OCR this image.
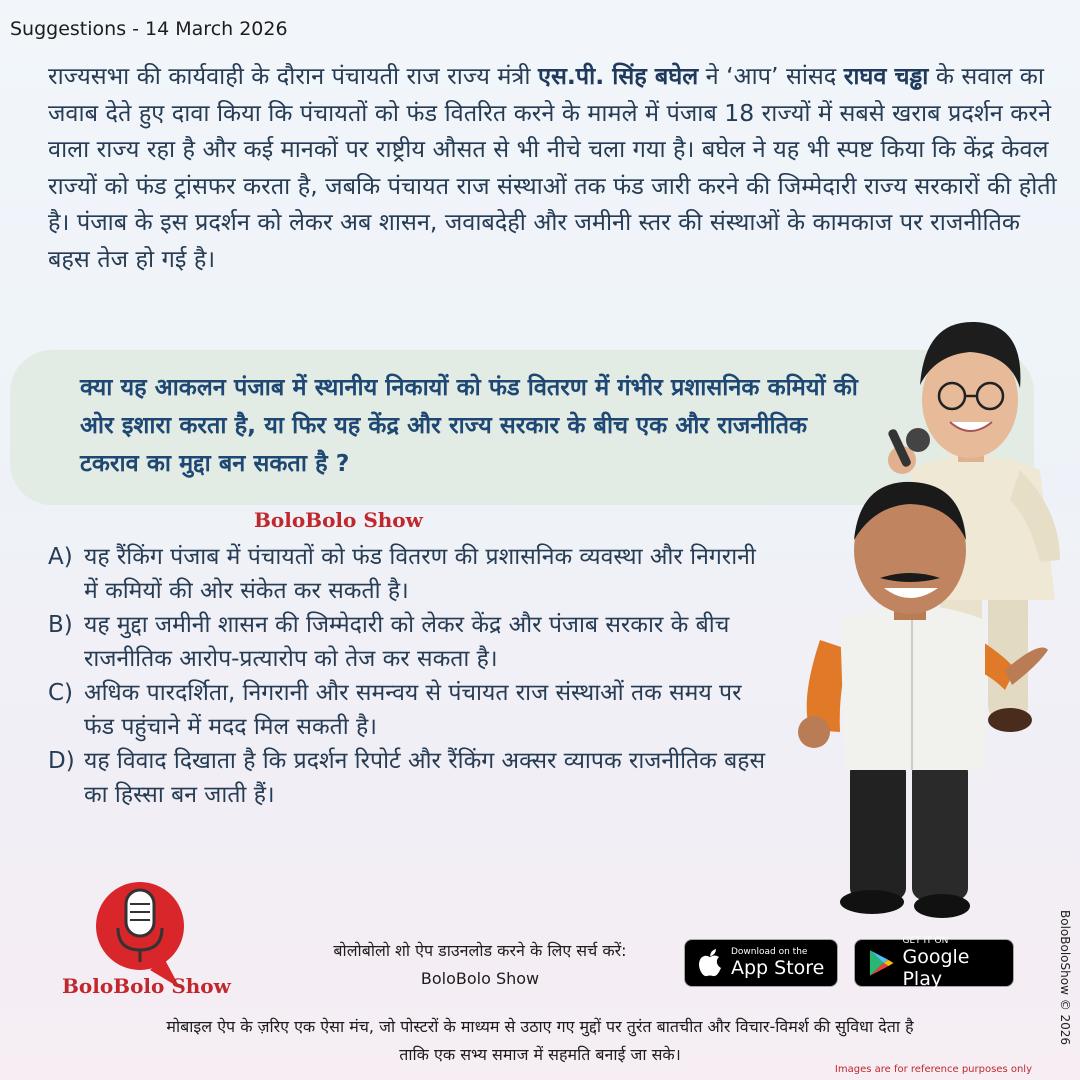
Suggestions - 14 March 2026
राज्यसभा की कार्यवाही के दौरान पंचायती राज राज्य मंत्री एस.पी. सिंह बघेल ने ‘आप’ सांसद राघव चड्ढा के सवाल का जवाब देते हुए दावा किया कि पंचायतों को फंड वितरित करने के मामले में पंजाब 18 राज्यों में सबसे खराब प्रदर्शन करने वाला राज्य रहा है और कई मानकों पर राष्ट्रीय औसत से भी नीचे चला गया है। बघेल ने यह भी स्पष्ट किया कि केंद्र केवल राज्यों को फंड ट्रांसफर करता है, जबकि पंचायत राज संस्थाओं तक फंड जारी करने की जिम्मेदारी राज्य सरकारों की होती है। पंजाब के इस प्रदर्शन को लेकर अब शासन, जवाबदेही और जमीनी स्तर की संस्थाओं के कामकाज पर राजनीतिक बहस तेज हो गई है।
क्या यह आकलन पंजाब में स्थानीय निकायों को फंड वितरण में गंभीर प्रशासनिक कमियों की ओर इशारा करता है, या फिर यह केंद्र और राज्य सरकार के बीच एक और राजनीतिक टकराव का मुद्दा बन सकता है ?
BoloBolo Show
A) यह रैंकिंग पंजाब में पंचायतों को फंड वितरण की प्रशासनिक व्यवस्था और निगरानी में कमियों की ओर संकेत कर सकती है।
B) यह मुद्दा जमीनी शासन की जिम्मेदारी को लेकर केंद्र और पंजाब सरकार के बीच राजनीतिक आरोप-प्रत्यारोप को तेज कर सकता है।
C) अधिक पारदर्शिता, निगरानी और समन्वय से पंचायत राज संस्थाओं तक समय पर फंड पहुंचाने में मदद मिल सकती है।
D) यह विवाद दिखाता है कि प्रदर्शन रिपोर्ट और रैंकिंग अक्सर व्यापक राजनीतिक बहस का हिस्सा बन जाती हैं।
BoloBolo Show
बोलोबोलो शो ऐप डाउनलोड करने के लिए सर्च करें:
BoloBolo Show
Download on the
App Store
GET IT ON
Google Play	BoloBoloShow © 2026
मोबाइल ऐप के ज़रिए एक ऐसा मंच, जो पोस्टरों के माध्यम से उठाए गए मुद्दों पर तुरंत बातचीत और विचार-विमर्श की सुविधा देता है
ताकि एक सभ्य समाज में सहमति बनाई जा सके।
Images are for reference purposes only
